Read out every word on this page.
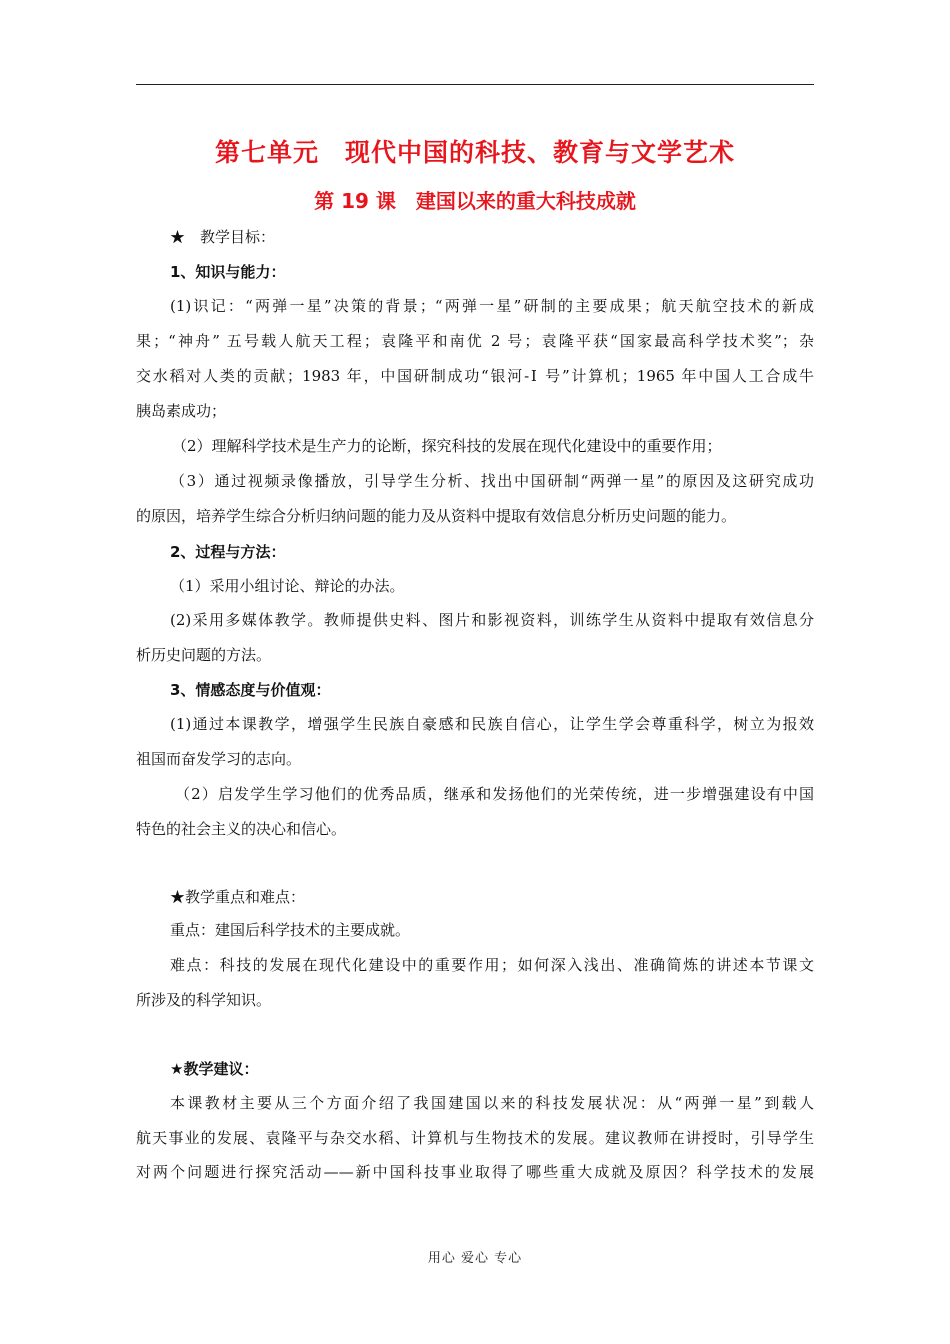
第七单元　现代中国的科技、教育与文学艺术
第 19 课　建国以来的重大科技成就
★　教学目标：
1、知识与能力：
(1)识记：“两弹一星”决策的背景；“两弹一星”研制的主要成果；航天航空技术的新成
果；“神舟” 五号载人航天工程；袁隆平和南优 2 号；袁隆平获“国家最高科学技术奖”；杂
交水稻对人类的贡献；1983 年，中国研制成功“银河-Ⅰ 号”计算机；1965 年中国人工合成牛
胰岛素成功；
（2）理解科学技术是生产力的论断，探究科技的发展在现代化建设中的重要作用；
（3）通过视频录像播放，引导学生分析、找出中国研制“两弹一星”的原因及这研究成功
的原因，培养学生综合分析归纳问题的能力及从资料中提取有效信息分析历史问题的能力。
2、过程与方法：
（1）采用小组讨论、辩论的办法。
(2)采用多媒体教学。教师提供史料、图片和影视资料，训练学生从资料中提取有效信息分
析历史问题的方法。
3、情感态度与价值观：
(1)通过本课教学，增强学生民族自豪感和民族自信心，让学生学会尊重科学，树立为报效
祖国而奋发学习的志向。
（2）启发学生学习他们的优秀品质，继承和发扬他们的光荣传统，进一步增强建设有中国
特色的社会主义的决心和信心。
★教学重点和难点：
重点：建国后科学技术的主要成就。
难点：科技的发展在现代化建设中的重要作用；如何深入浅出、准确简炼的讲述本节课文
所涉及的科学知识。
★教学建议：
本课教材主要从三个方面介绍了我国建国以来的科技发展状况：从“两弹一星”到载人
航天事业的发展、袁隆平与杂交水稻、计算机与生物技术的发展。建议教师在讲授时，引导学生
对两个问题进行探究活动——新中国科技事业取得了哪些重大成就及原因？科学技术的发展
用心 爱心 专心
